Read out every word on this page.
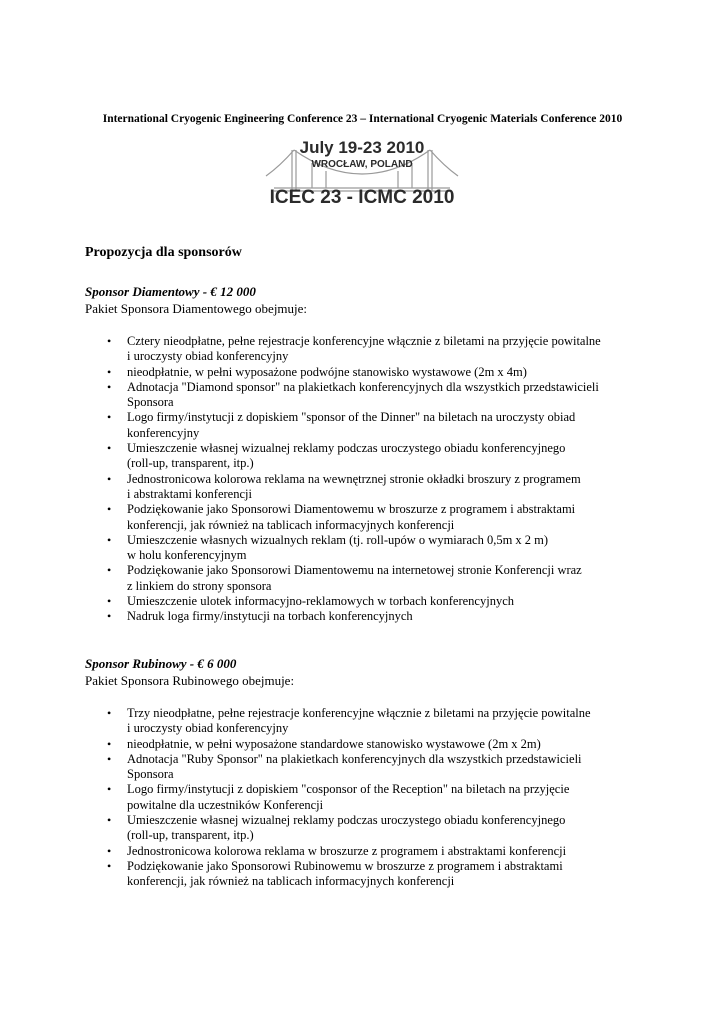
International Cryogenic Engineering Conference 23 – International Cryogenic Materials Conference 2010

July 19-23 2010
WROCŁAW, POLAND
ICEC 23 - ICMC 2010
Propozycja dla sponsorów

Sponsor Diamentowy - € 12 000

Pakiet Sponsora Diamentowego obejmuje:

• Cztery nieodpłatne, pełne rejestracje konferencyjne włącznie z biletami na przyjęcie powitalne
i uroczysty obiad konferencyjny
• nieodpłatnie, w pełni wyposażone podwójne stanowisko wystawowe (2m x 4m)
• Adnotacja "Diamond sponsor" na plakietkach konferencyjnych dla wszystkich przedstawicieli
Sponsora
• Logo firmy/instytucji z dopiskiem "sponsor of the Dinner" na biletach na uroczysty obiad
konferencyjny
• Umieszczenie własnej wizualnej reklamy podczas uroczystego obiadu konferencyjnego
(roll-up, transparent, itp.)
• Jednostronicowa kolorowa reklama na wewnętrznej stronie okładki broszury z programem
i abstraktami konferencji
• Podziękowanie jako Sponsorowi Diamentowemu w broszurze z programem i abstraktami
konferencji, jak również na tablicach informacyjnych konferencji
• Umieszczenie własnych wizualnych reklam (tj. roll-upów o wymiarach 0,5m x 2 m)
w holu konferencyjnym
• Podziękowanie jako Sponsorowi Diamentowemu na internetowej stronie Konferencji wraz
z linkiem do strony sponsora
• Umieszczenie ulotek informacyjno-reklamowych w torbach konferencyjnych
• Nadruk loga firmy/instytucji na torbach konferencyjnych

Sponsor Rubinowy - € 6 000

Pakiet Sponsora Rubinowego obejmuje:

• Trzy nieodpłatne, pełne rejestracje konferencyjne włącznie z biletami na przyjęcie powitalne
i uroczysty obiad konferencyjny
• nieodpłatnie, w pełni wyposażone standardowe stanowisko wystawowe (2m x 2m)
• Adnotacja "Ruby Sponsor" na plakietkach konferencyjnych dla wszystkich przedstawicieli
Sponsora
• Logo firmy/instytucji z dopiskiem "cosponsor of the Reception" na biletach na przyjęcie
powitalne dla uczestników Konferencji
• Umieszczenie własnej wizualnej reklamy podczas uroczystego obiadu konferencyjnego
(roll-up, transparent, itp.)
• Jednostronicowa kolorowa reklama w broszurze z programem i abstraktami konferencji
• Podziękowanie jako Sponsorowi Rubinowemu w broszurze z programem i abstraktami
konferencji, jak również na tablicach informacyjnych konferencji
